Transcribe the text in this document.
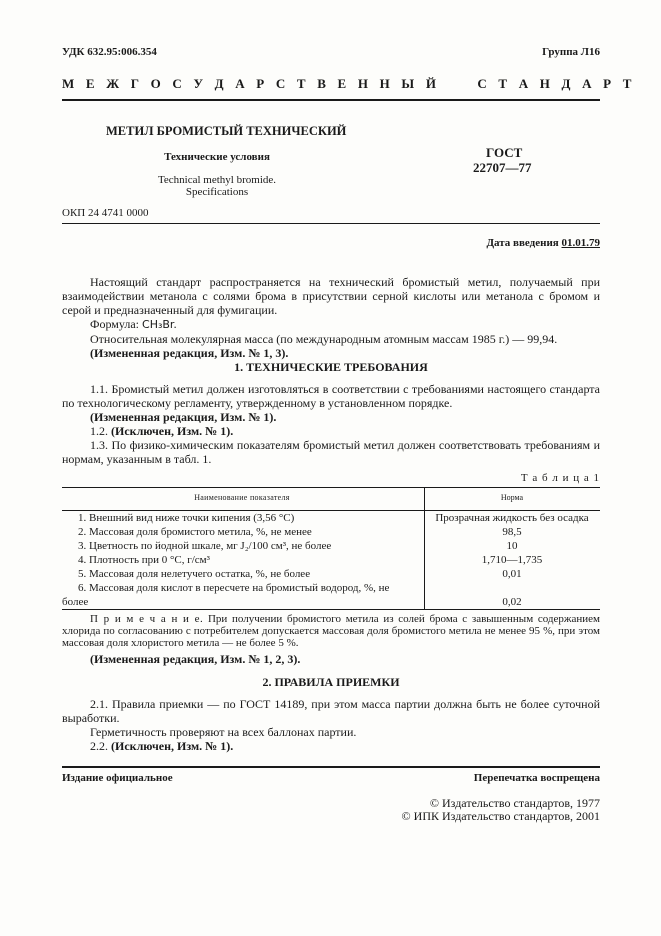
УДК 632.95:006.354	Группа Л16
М Е Ж Г О С У Д А Р С Т В Е Н Н Ы Й     С Т А Н Д А Р Т
МЕТИЛ БРОМИСТЫЙ ТЕХНИЧЕСКИЙ
Технические условия
Technical methyl bromide.
Specifications
ГОСТ
22707—77
ОКП 24 4741 0000
Дата введения 01.01.79

Настоящий стандарт распространяется на технический бромистый метил, получаемый при взаимодействии метанола с солями брома в присутствии серной кислоты или метанола с бромом и серой и предназначенный для фумигации.

Формула: CH₃Br.

Относительная молекулярная масса (по международным атомным массам 1985 г.) — 99,94.

(Измененная редакция, Изм. № 1, 3).

1. ТЕХНИЧЕСКИЕ ТРЕБОВАНИЯ

1.1. Бромистый метил должен изготовляться в соответствии с требованиями настоящего стандарта по технологическому регламенту, утвержденному в установленном порядке.

(Измененная редакция, Изм. № 1).

1.2. (Исключен, Изм. № 1).

1.3. По физико-химическим показателям бромистый метил должен соответствовать требованиям и нормам, указанным в табл. 1.

Т а б л и ц а 1
Наименование показателя	Норма
1. Внешний вид ниже точки кипения (3,56 °С)	Прозрачная жидкость без осадка
2. Массовая доля бромистого метила, %, не менее	98,5
3. Цветность по йодной шкале, мг J₂/100 см³, не более	10
4. Плотность при 0 °С, г/см³	1,710—1,735
5. Массовая доля нелетучего остатка, %, не более	0,01
6. Массовая доля кислот в пересчете на бромистый водород, %, не
более	0,02

П р и м е ч а н и е. При получении бромистого метила из солей брома с завышенным содержанием хлорида по согласованию с потребителем допускается массовая доля бромистого метила не менее 95 %, при этом массовая доля хлористого метила — не более 5 %.

(Измененная редакция, Изм. № 1, 2, 3).
2. ПРАВИЛА ПРИЕМКИ

2.1. Правила приемки — по ГОСТ 14189, при этом масса партии должна быть не более суточной выработки.

Герметичность проверяют на всех баллонах партии.

2.2. (Исключен, Изм. № 1).

Издание официальное	Перепечатка воспрещена
© Издательство стандартов, 1977
© ИПК Издательство стандартов, 2001
